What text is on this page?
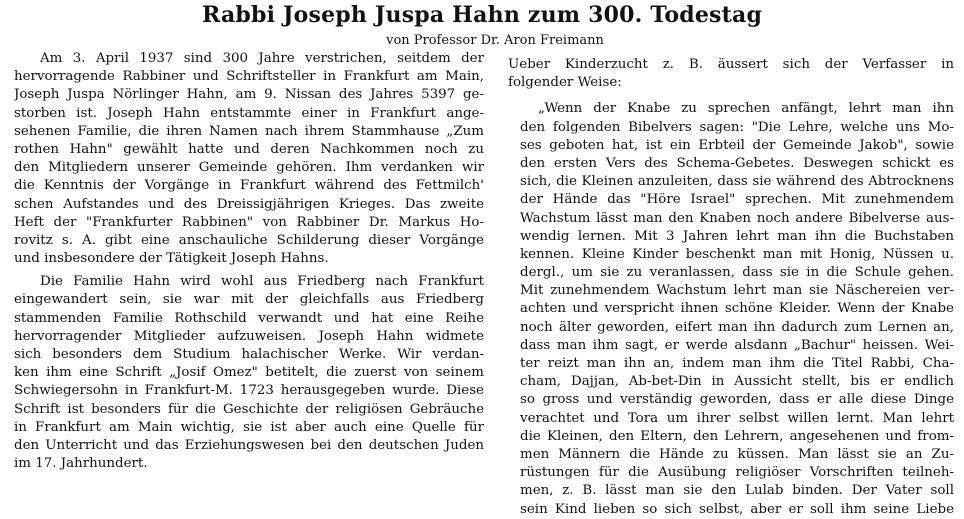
Rabbi Joseph Juspa Hahn zum 300. Todestag
von Professor Dr. Aron Freimann
Am 3. April 1937 sind 300 Jahre verstrichen, seitdem der
hervorragende Rabbiner und Schriftsteller in Frankfurt am Main,
Joseph Juspa Nörlinger Hahn, am 9. Nissan des Jahres 5397 ge-
storben ist. Joseph Hahn entstammte einer in Frankfurt ange-
sehenen Familie, die ihren Namen nach ihrem Stammhause „Zum
rothen Hahn" gewählt hatte und deren Nachkommen noch zu
den Mitgliedern unserer Gemeinde gehören. Ihm verdanken wir
die Kenntnis der Vorgänge in Frankfurt während des Fettmilch'
schen Aufstandes und des Dreissigjährigen Krieges. Das zweite
Heft der "Frankfurter Rabbinen" von Rabbiner Dr. Markus Ho-
rovitz s. A. gibt eine anschauliche Schilderung dieser Vorgänge
und insbesondere der Tätigkeit Joseph Hahns.
Die Familie Hahn wird wohl aus Friedberg nach Frankfurt
eingewandert sein, sie war mit der gleichfalls aus Friedberg
stammenden Familie Rothschild verwandt und hat eine Reihe
hervorragender Mitglieder aufzuweisen. Joseph Hahn widmete
sich besonders dem Studium halachischer Werke. Wir verdan-
ken ihm eine Schrift „Josif Omez" betitelt, die zuerst von seinem
Schwiegersohn in Frankfurt-M. 1723 herausgegeben wurde. Diese
Schrift ist besonders für die Geschichte der religiösen Gebräuche
in Frankfurt am Main wichtig, sie ist aber auch eine Quelle für
den Unterricht und das Erziehungswesen bei den deutschen Juden
im 17. Jahrhundert.
Ueber Kinderzucht z. B. äussert sich der Verfasser in
folgender Weise:
„Wenn der Knabe zu sprechen anfängt, lehrt man ihn
den folgenden Bibelvers sagen: "Die Lehre, welche uns Mo-
ses geboten hat, ist ein Erbteil der Gemeinde Jakob", sowie
den ersten Vers des Schema-Gebetes. Deswegen schickt es
sich, die Kleinen anzuleiten, dass sie während des Abtrocknens
der Hände das "Höre Israel" sprechen. Mit zunehmendem
Wachstum lässt man den Knaben noch andere Bibelverse aus-
wendig lernen. Mit 3 Jahren lehrt man ihn die Buchstaben
kennen. Kleine Kinder beschenkt man mit Honig, Nüssen u.
dergl., um sie zu veranlassen, dass sie in die Schule gehen.
Mit zunehmendem Wachstum lehrt man sie Näschereien ver-
achten und verspricht ihnen schöne Kleider. Wenn der Knabe
noch älter geworden, eifert man ihn dadurch zum Lernen an,
dass man ihm sagt, er werde alsdann „Bachur" heissen. Wei-
ter reizt man ihn an, indem man ihm die Titel Rabbi, Cha-
cham, Dajjan, Ab-bet-Din in Aussicht stellt, bis er endlich
so gross und verständig geworden, dass er alle diese Dinge
verachtet und Tora um ihrer selbst willen lernt. Man lehrt
die Kleinen, den Eltern, den Lehrern, angesehenen und from-
men Männern die Hände zu küssen. Man lässt sie an Zu-
rüstungen für die Ausübung religiöser Vorschriften teilneh-
men, z. B. lässt man sie den Lulab binden. Der Vater soll
sein Kind lieben so sich selbst, aber er soll ihm seine Liebe
